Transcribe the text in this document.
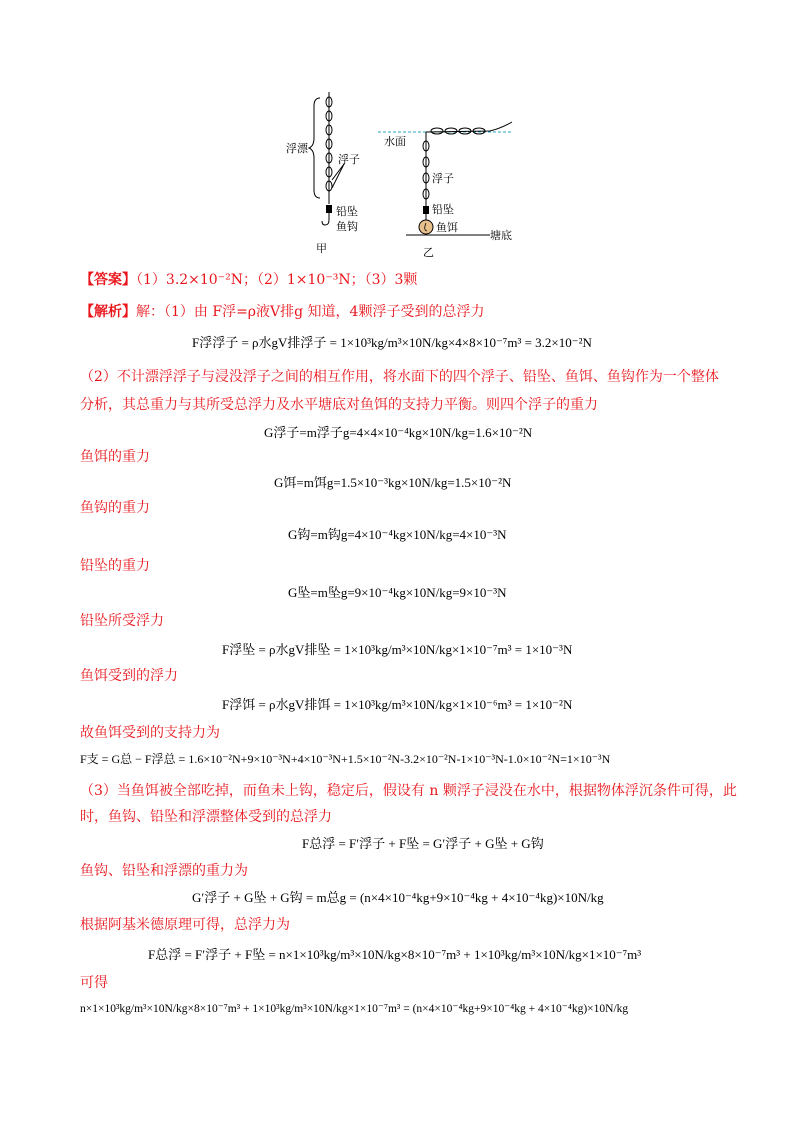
浮漂
浮子
铅坠
鱼钩
甲
水面
浮子
铅坠
鱼饵
塘底
乙
【答案】（1）3.2×10⁻²N；（2）1×10⁻³N；（3）3颗
【解析】解：（1）由 F浮=ρ液V排g 知道，4颗浮子受到的总浮力
F浮浮子 = ρ水gV排浮子 = 1×10³kg/m³×10N/kg×4×8×10⁻⁷m³ = 3.2×10⁻²N
（2）不计漂浮浮子与浸没浮子之间的相互作用，将水面下的四个浮子、铅坠、鱼饵、鱼钩作为一个整体
分析，其总重力与其所受总浮力及水平塘底对鱼饵的支持力平衡。则四个浮子的重力
G浮子=m浮子g=4×4×10⁻⁴kg×10N/kg=1.6×10⁻²N
鱼饵的重力
G饵=m饵g=1.5×10⁻³kg×10N/kg=1.5×10⁻²N
鱼钩的重力
G钩=m钩g=4×10⁻⁴kg×10N/kg=4×10⁻³N
铅坠的重力
G坠=m坠g=9×10⁻⁴kg×10N/kg=9×10⁻³N
铅坠所受浮力
F浮坠 = ρ水gV排坠 = 1×10³kg/m³×10N/kg×1×10⁻⁷m³ = 1×10⁻³N
鱼饵受到的浮力
F浮饵 = ρ水gV排饵 = 1×10³kg/m³×10N/kg×1×10⁻⁶m³ = 1×10⁻²N
故鱼饵受到的支持力为
F支 = G总 − F浮总 = 1.6×10⁻²N+9×10⁻³N+4×10⁻³N+1.5×10⁻²N-3.2×10⁻²N-1×10⁻³N-1.0×10⁻²N=1×10⁻³N
（3）当鱼饵被全部吃掉，而鱼未上钩，稳定后，假设有 n 颗浮子浸没在水中，根据物体浮沉条件可得，此
时，鱼钩、铅坠和浮漂整体受到的总浮力
F总浮 = F′浮子 + F坠 = G′浮子 + G坠 + G钩
鱼钩、铅坠和浮漂的重力为
G′浮子 + G坠 + G钩 = m总g = (n×4×10⁻⁴kg+9×10⁻⁴kg + 4×10⁻⁴kg)×10N/kg
根据阿基米德原理可得，总浮力为
F总浮 = F′浮子 + F坠 = n×1×10³kg/m³×10N/kg×8×10⁻⁷m³ + 1×10³kg/m³×10N/kg×1×10⁻⁷m³
可得
n×1×10³kg/m³×10N/kg×8×10⁻⁷m³ + 1×10³kg/m³×10N/kg×1×10⁻⁷m³ = (n×4×10⁻⁴kg+9×10⁻⁴kg + 4×10⁻⁴kg)×10N/kg
